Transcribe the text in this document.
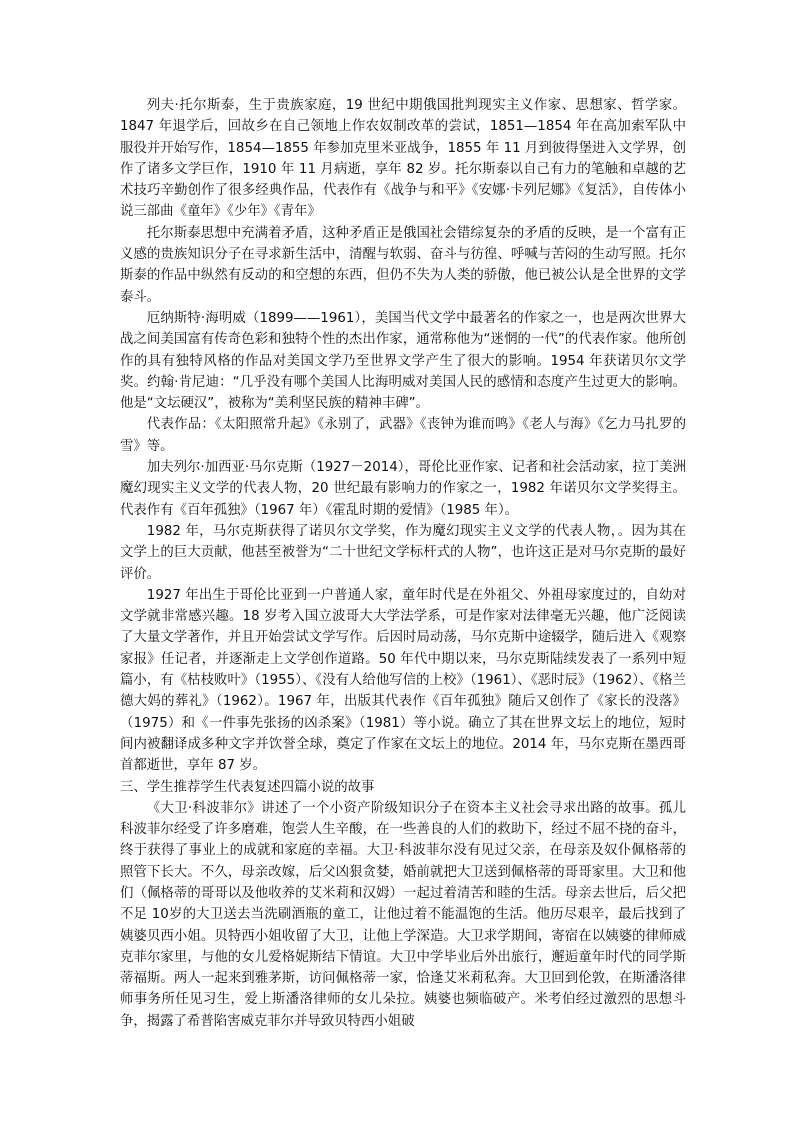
列夫·托尔斯泰，生于贵族家庭，19 世纪中期俄国批判现实主义作家、思想家、哲学家。1847 年退学后，回故乡在自己领地上作农奴制改革的尝试，1851—1854 年在高加索军队中服役并开始写作，1854—1855 年参加克里米亚战争，1855 年 11 月到彼得堡进入文学界，创作了诸多文学巨作，1910 年 11 月病逝，享年 82 岁。托尔斯泰以自己有力的笔触和卓越的艺术技巧辛勤创作了很多经典作品，代表作有《战争与和平》《安娜·卡列尼娜》《复活》，自传体小说三部曲《童年》《少年》《青年》

托尔斯泰思想中充满着矛盾，这种矛盾正是俄国社会错综复杂的矛盾的反映，是一个富有正义感的贵族知识分子在寻求新生活中，清醒与软弱、奋斗与彷徨、呼喊与苦闷的生动写照。托尔斯泰的作品中纵然有反动的和空想的东西，但仍不失为人类的骄傲，他已被公认是全世界的文学泰斗。

厄纳斯特·海明威（1899——1961），美国当代文学中最著名的作家之一，也是两次世界大战之间美国富有传奇色彩和独特个性的杰出作家，通常称他为“迷惘的一代”的代表作家。他所创作的具有独特风格的作品对美国文学乃至世界文学产生了很大的影响。1954 年获诺贝尔文学奖。约翰·肯尼迪：“几乎没有哪个美国人比海明威对美国人民的感情和态度产生过更大的影响。他是“文坛硬汉”，被称为“美利坚民族的精神丰碑”。

代表作品：《太阳照常升起》《永别了，武器》《丧钟为谁而鸣》《老人与海》《乞力马扎罗的雪》等。

加夫列尔·加西亚·马尔克斯（1927－2014），哥伦比亚作家、记者和社会活动家，拉丁美洲魔幻现实主义文学的代表人物，20 世纪最有影响力的作家之一，1982 年诺贝尔文学奖得主。代表作有《百年孤独》（1967 年）《霍乱时期的爱情》（1985 年）。

1982 年，马尔克斯获得了诺贝尔文学奖，作为魔幻现实主义文学的代表人物，。因为其在文学上的巨大贡献，他甚至被誉为“二十世纪文学标杆式的人物”，也许这正是对马尔克斯的最好评价。

1927 年出生于哥伦比亚到一户普通人家，童年时代是在外祖父、外祖母家度过的，自幼对文学就非常感兴趣。18 岁考入国立波哥大大学法学系，可是作家对法律毫无兴趣，他广泛阅读了大量文学著作，并且开始尝试文学写作。后因时局动荡，马尔克斯中途辍学，随后进入《观察家报》任记者，并逐渐走上文学创作道路。50 年代中期以来，马尔克斯陆续发表了一系列中短篇小，有《枯枝败叶》（1955）、《没有人给他写信的上校》（1961）、《恶时辰》（1962）、《格兰德大妈的葬礼》（1962）。1967 年，出版其代表作《百年孤独》随后又创作了《家长的没落》（1975）和《一件事先张扬的凶杀案》（1981）等小说。确立了其在世界文坛上的地位，短时间内被翻译成多种文字并饮誉全球，奠定了作家在文坛上的地位。2014 年，马尔克斯在墨西哥首都逝世，享年 87 岁。

三、学生推荐学生代表复述四篇小说的故事

《大卫·科波菲尔》讲述了一个小资产阶级知识分子在资本主义社会寻求出路的故事。孤儿科波菲尔经受了许多磨难，饱尝人生辛酸，在一些善良的人们的救助下，经过不屈不挠的奋斗，终于获得了事业上的成就和家庭的幸福。大卫·科波菲尔没有见过父亲，在母亲及奴仆佩格蒂的照管下长大。不久，母亲改嫁，后父凶狠贪婪，婚前就把大卫送到佩格蒂的哥哥家里。大卫和他们（佩格蒂的哥哥以及他收养的艾米莉和汉姆）一起过着清苦和睦的生活。母亲去世后，后父把不足 10岁的大卫送去当洗刷酒瓶的童工，让他过着不能温饱的生活。他历尽艰辛，最后找到了姨婆贝西小姐。贝特西小姐收留了大卫，让他上学深造。大卫求学期间，寄宿在以姨婆的律师威克菲尔家里，与他的女儿爱格妮斯结下情谊。大卫中学毕业后外出旅行，邂逅童年时代的同学斯蒂福斯。两人一起来到雅茅斯，访问佩格蒂一家，恰逢艾米莉私奔。大卫回到伦敦，在斯潘洛律师事务所任见习生，爱上斯潘洛律师的女儿朵拉。姨婆也频临破产。米考伯经过激烈的思想斗争，揭露了希普陷害威克菲尔并导致贝特西小姐破
